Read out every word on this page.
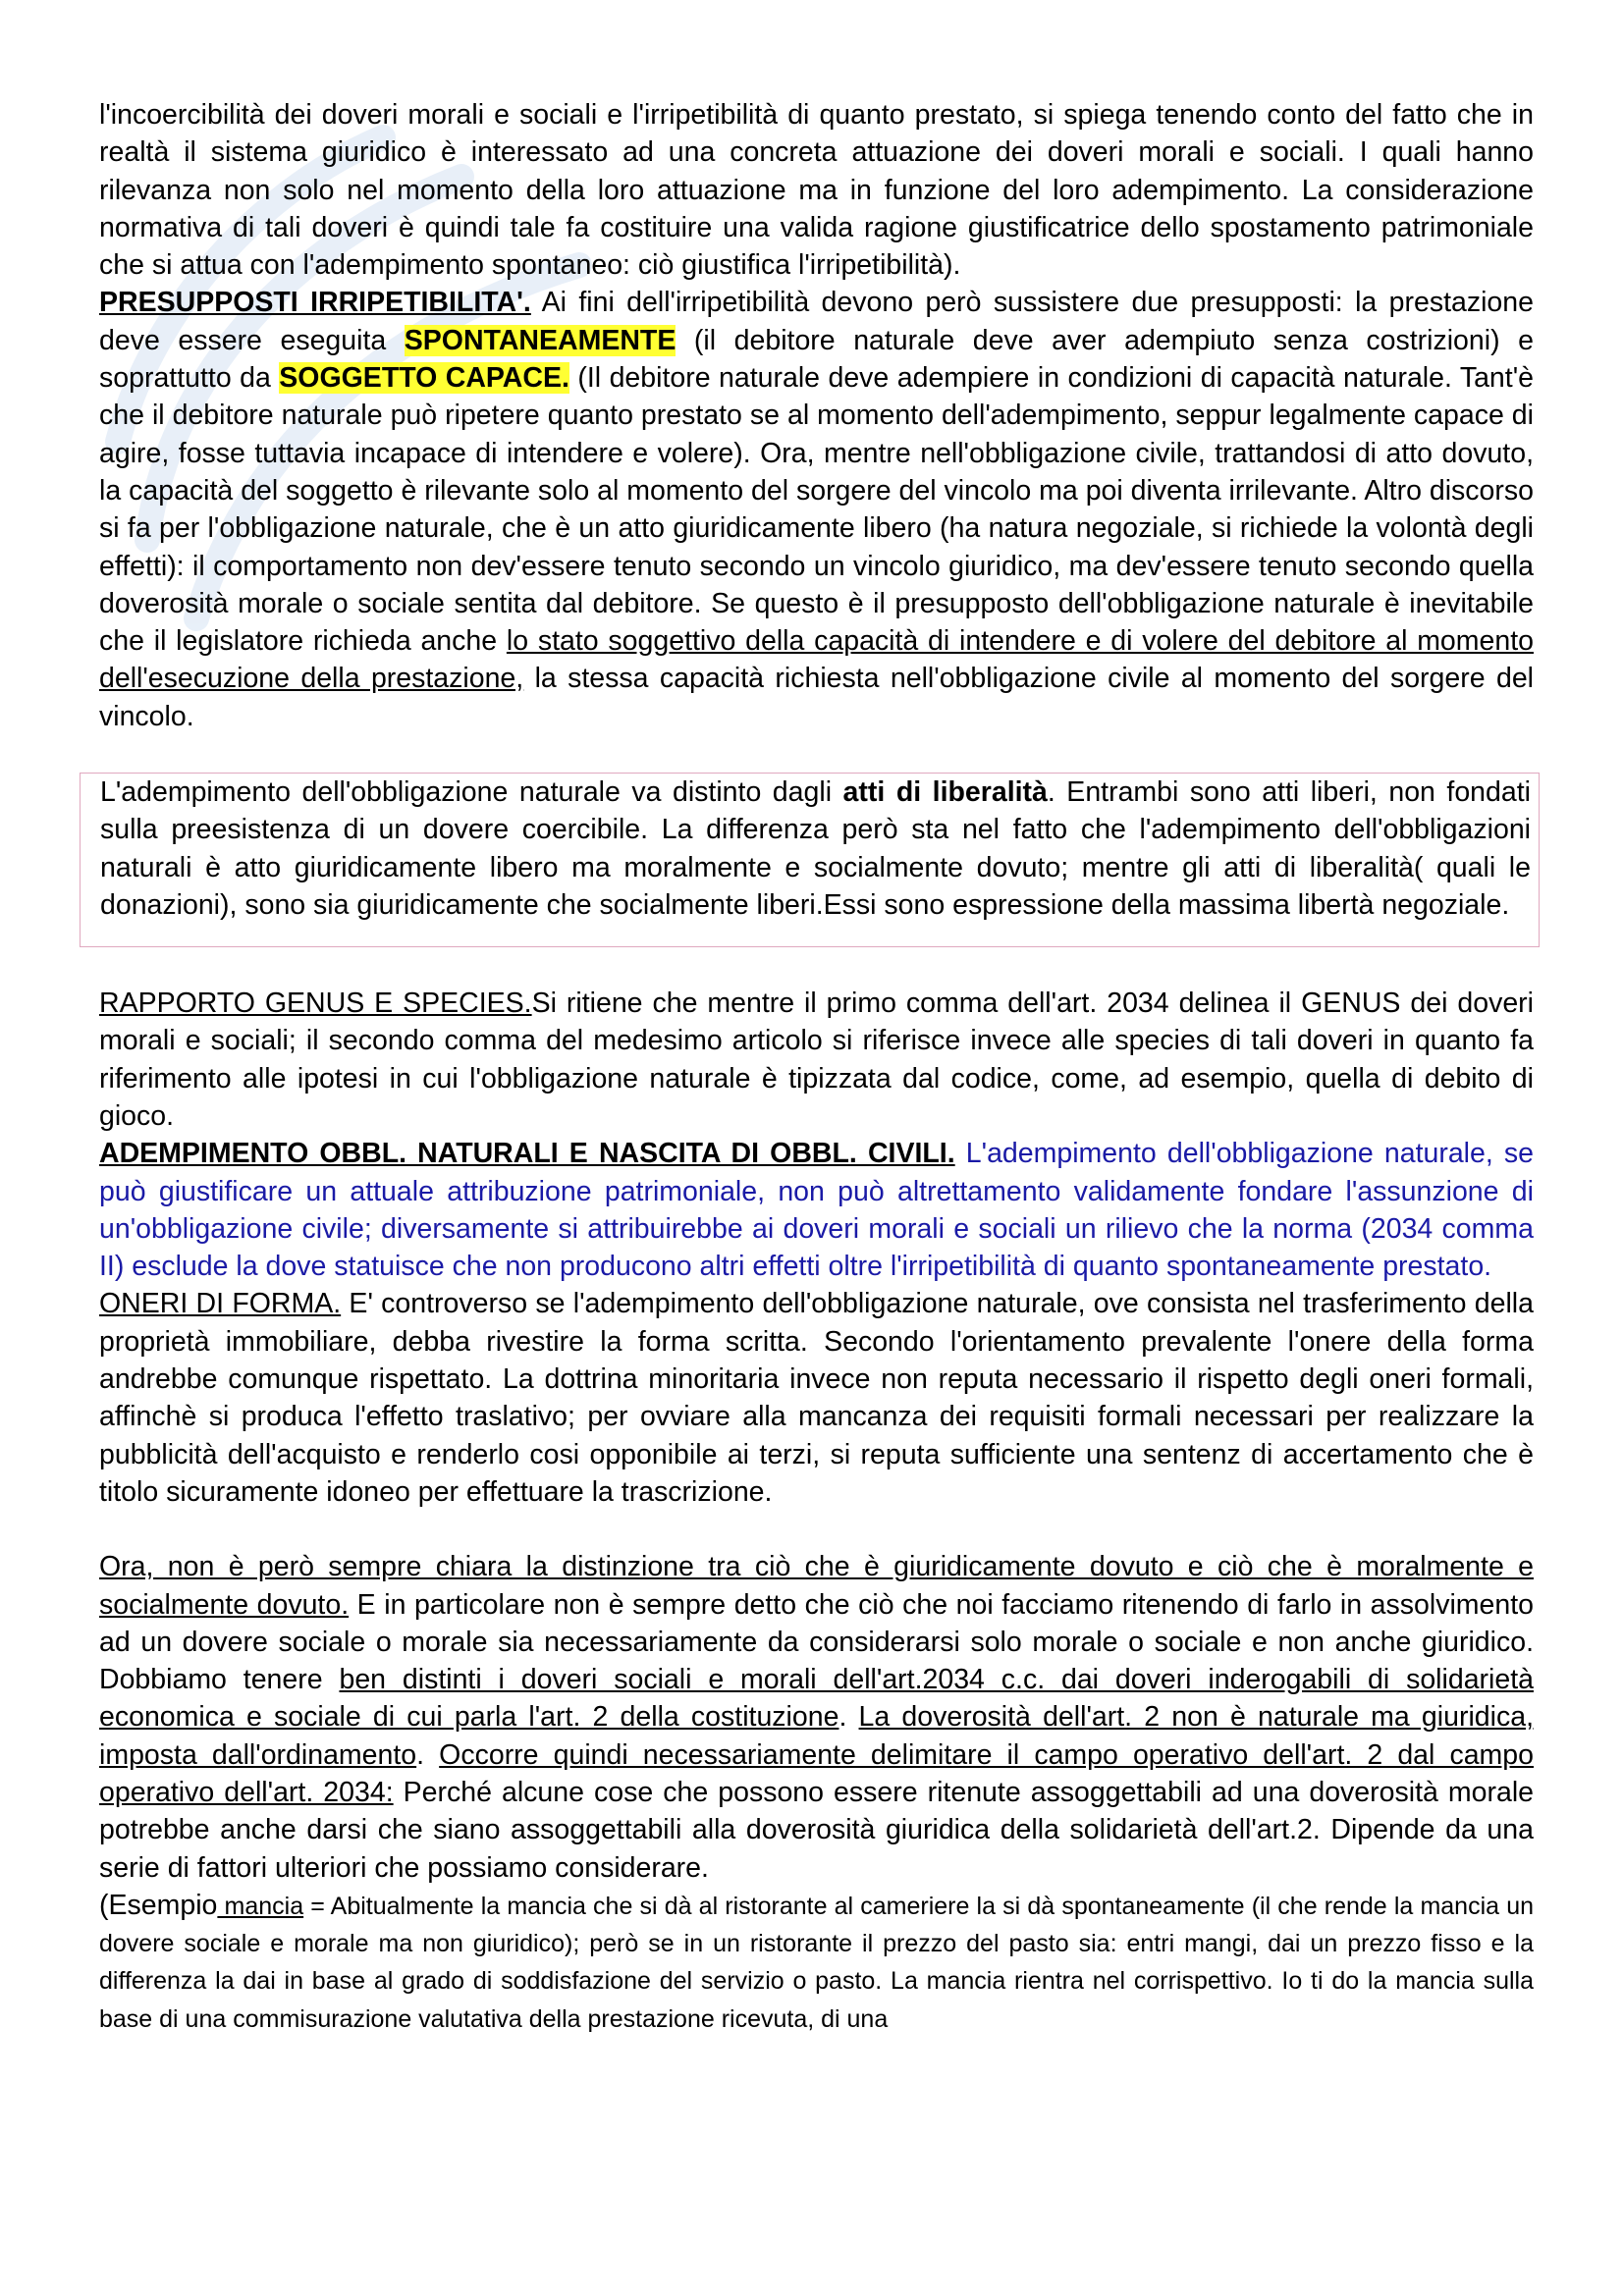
l'incoercibilità dei doveri morali e sociali e l'irripetibilità di quanto prestato, si spiega tenendo conto del fatto che in realtà il sistema giuridico è interessato ad una concreta attuazione dei doveri morali e sociali. I quali hanno rilevanza non solo nel momento della loro attuazione ma in funzione del loro adempimento. La considerazione normativa di tali doveri è quindi tale fa costituire una valida ragione giustificatrice dello spostamento patrimoniale che si attua con l'adempimento spontaneo: ciò giustifica l'irripetibilità).

PRESUPPOSTI IRRIPETIBILITA'. Ai fini dell'irripetibilità devono però sussistere due presupposti: la prestazione deve essere eseguita SPONTANEAMENTE (il debitore naturale deve aver adempiuto senza costrizioni) e soprattutto da SOGGETTO CAPACE. (Il debitore naturale deve adempiere in condizioni di capacità naturale. Tant'è che il debitore naturale può ripetere quanto prestato se al momento dell'adempimento, seppur legalmente capace di agire, fosse tuttavia incapace di intendere e volere). Ora, mentre nell'obbligazione civile, trattandosi di atto dovuto, la capacità del soggetto è rilevante solo al momento del sorgere del vincolo ma poi diventa irrilevante. Altro discorso si fa per l'obbligazione naturale, che è un atto giuridicamente libero (ha natura negoziale, si richiede la volontà degli effetti): il comportamento non dev'essere tenuto secondo un vincolo giuridico, ma dev'essere tenuto secondo quella doverosità morale o sociale sentita dal debitore. Se questo è il presupposto dell'obbligazione naturale è inevitabile che il legislatore richieda anche lo stato soggettivo della capacità di intendere e di volere del debitore al momento dell'esecuzione della prestazione, la stessa capacità richiesta nell'obbligazione civile al momento del sorgere del vincolo.

L'adempimento dell'obbligazione naturale va distinto dagli atti di liberalità. Entrambi sono atti liberi, non fondati sulla preesistenza di un dovere coercibile. La differenza però sta nel fatto che l'adempimento dell'obbligazioni naturali è atto giuridicamente libero ma moralmente e socialmente dovuto; mentre gli atti di liberalità( quali le donazioni), sono sia giuridicamente che socialmente liberi.Essi sono espressione della massima libertà negoziale.

RAPPORTO GENUS E SPECIES.Si ritiene che mentre il primo comma dell'art. 2034 delinea il GENUS dei doveri morali e sociali; il secondo comma del medesimo articolo si riferisce invece alle species di tali doveri in quanto fa riferimento alle ipotesi in cui l'obbligazione naturale è tipizzata dal codice, come, ad esempio, quella di debito di gioco.

ADEMPIMENTO OBBL. NATURALI E NASCITA DI OBBL. CIVILI. L'adempimento dell'obbligazione naturale, se può giustificare un attuale attribuzione patrimoniale, non può altrettamento validamente fondare l'assunzione di un'obbligazione civile; diversamente si attribuirebbe ai doveri morali e sociali un rilievo che la norma (2034 comma II) esclude la dove statuisce che non producono altri effetti oltre l'irripetibilità di quanto spontaneamente prestato.

ONERI DI FORMA. E' controverso se l'adempimento dell'obbligazione naturale, ove consista nel trasferimento della proprietà immobiliare, debba rivestire la forma scritta. Secondo l'orientamento prevalente l'onere della forma andrebbe comunque rispettato. La dottrina minoritaria invece non reputa necessario il rispetto degli oneri formali, affinchè si produca l'effetto traslativo; per ovviare alla mancanza dei requisiti formali necessari per realizzare la pubblicità dell'acquisto e renderlo cosi opponibile ai terzi, si reputa sufficiente una sentenz di accertamento che è titolo sicuramente idoneo per effettuare la trascrizione.

Ora, non è però sempre chiara la distinzione tra ciò che è giuridicamente dovuto e ciò che è moralmente e socialmente dovuto. E in particolare non è sempre detto che ciò che noi facciamo ritenendo di farlo in assolvimento ad un dovere sociale o morale sia necessariamente da considerarsi solo morale o sociale e non anche giuridico. Dobbiamo tenere ben distinti i doveri sociali e morali dell'art.2034 c.c. dai doveri inderogabili di solidarietà economica e sociale di cui parla l'art. 2 della costituzione. La doverosità dell'art. 2 non è naturale ma giuridica, imposta dall'ordinamento. Occorre quindi necessariamente delimitare il campo operativo dell'art. 2 dal campo operativo dell'art. 2034: Perché alcune cose che possono essere ritenute assoggettabili ad una doverosità morale potrebbe anche darsi che siano assoggettabili alla doverosità giuridica della solidarietà dell'art.2. Dipende da una serie di fattori ulteriori che possiamo considerare.

(Esempio mancia = Abitualmente la mancia che si dà al ristorante al cameriere la si dà spontaneamente (il che rende la mancia un dovere sociale e morale ma non giuridico); però se in un ristorante il prezzo del pasto sia: entri mangi, dai un prezzo fisso e la differenza la dai in base al grado di soddisfazione del servizio o pasto. La mancia rientra nel corrispettivo. Io ti do la mancia sulla base di una commisurazione valutativa della prestazione ricevuta, di una
